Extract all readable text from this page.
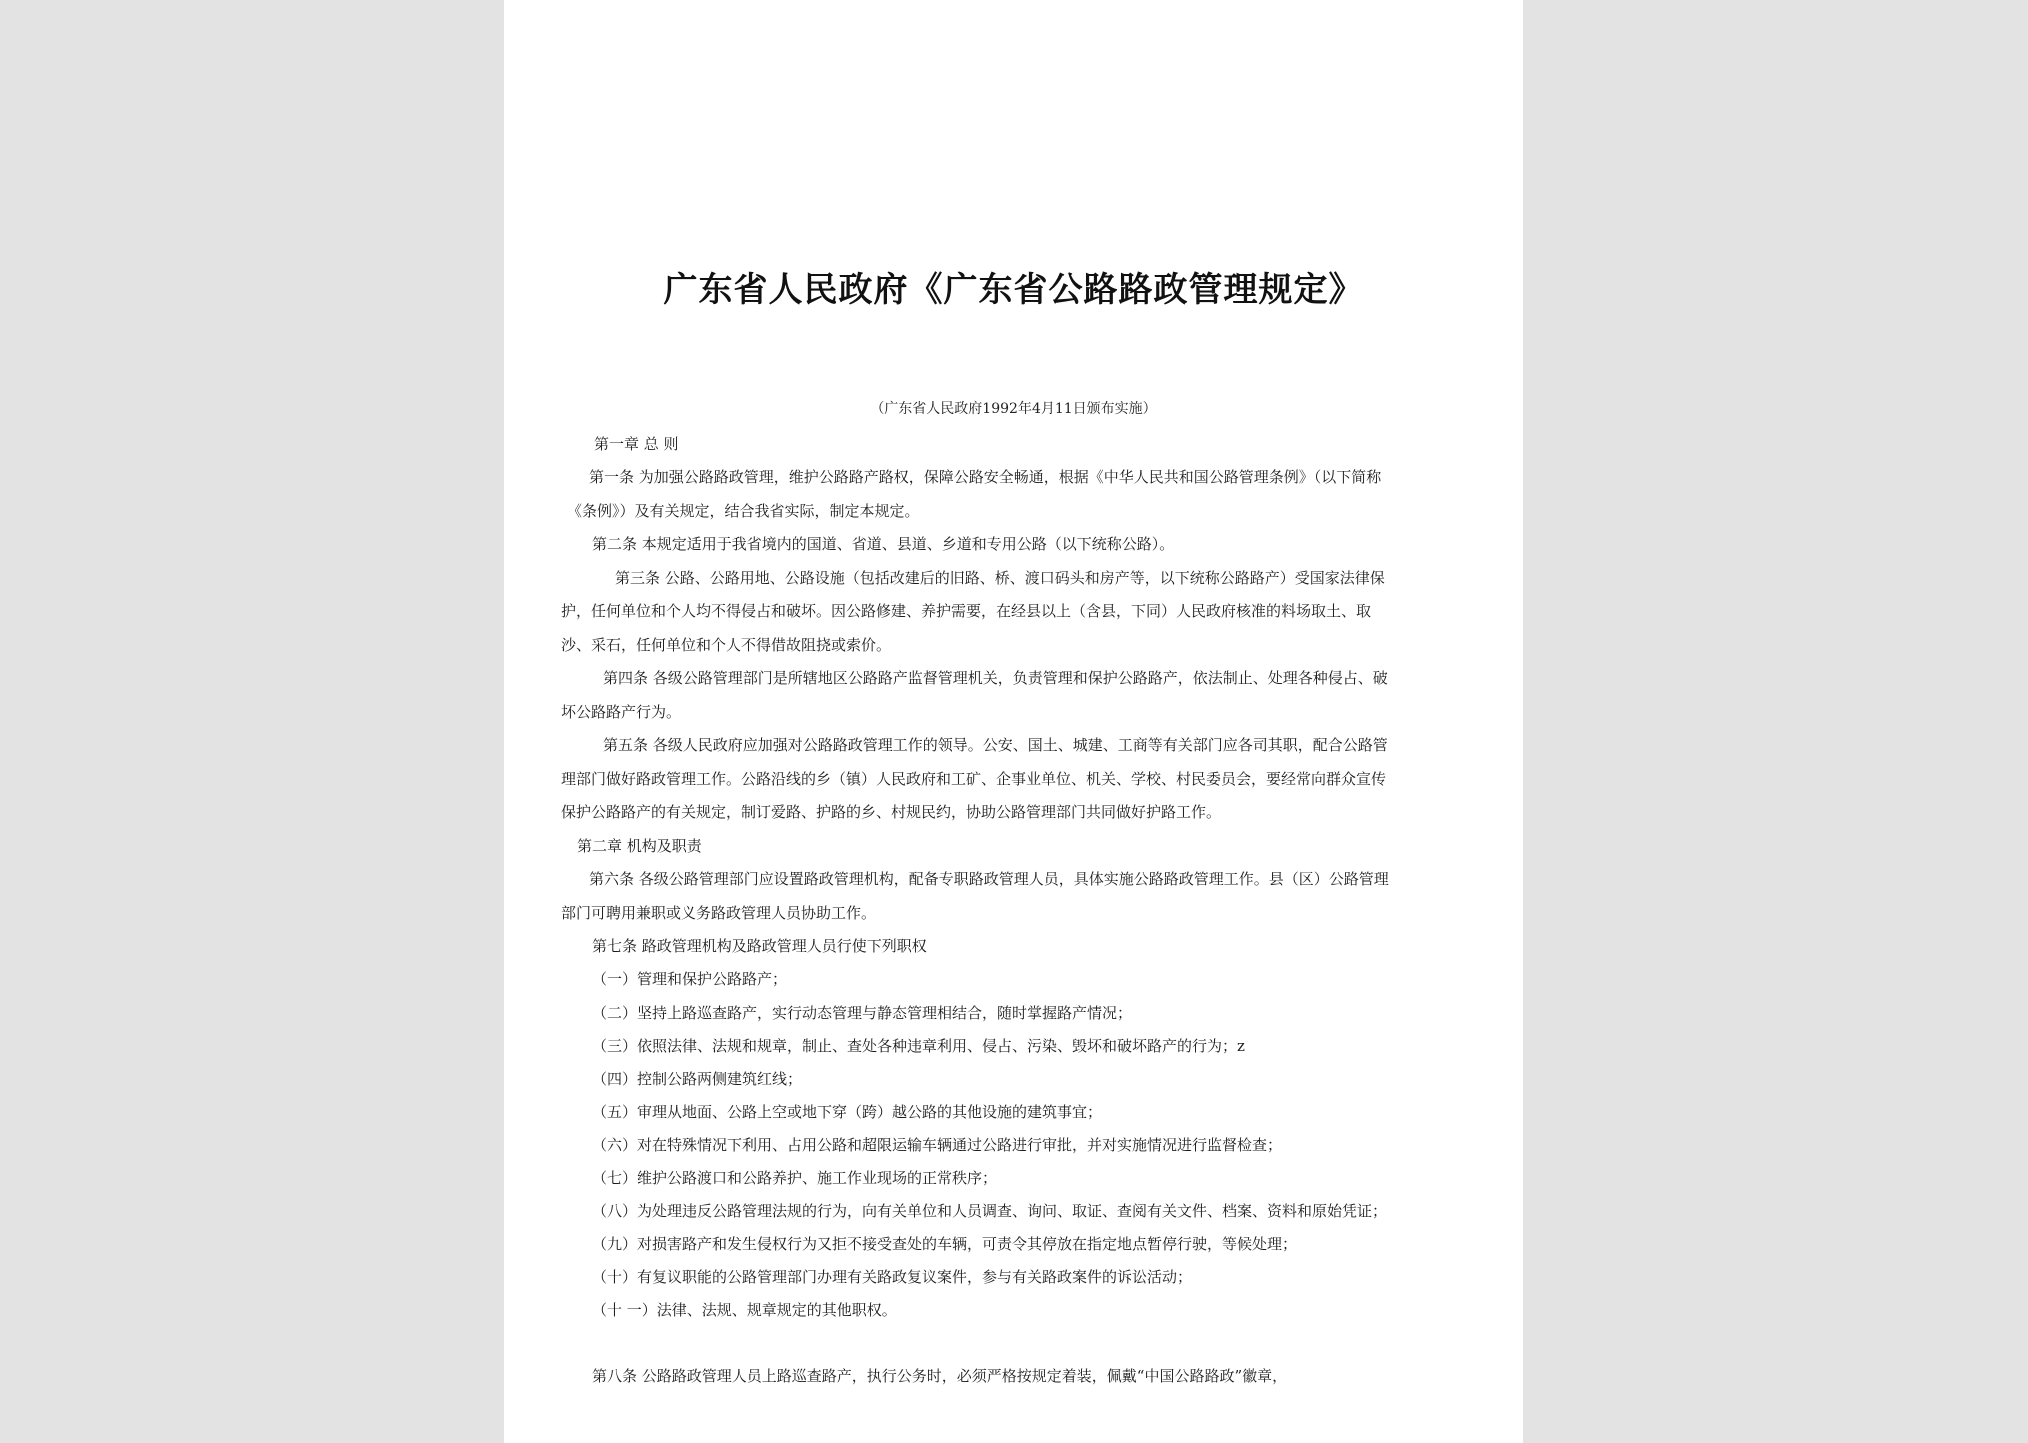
广东省人民政府《广东省公路路政管理规定》
（广东省人民政府1992年4月11日颁布实施）
第一章 总 则
第一条 为加强公路路政管理，维护公路路产路权，保障公路安全畅通，根据《中华人民共和国公路管理条例》（以下简称
《条例》）及有关规定，结合我省实际，制定本规定。
第二条 本规定适用于我省境内的国道、省道、县道、乡道和专用公路（以下统称公路）。
第三条 公路、公路用地、公路设施（包括改建后的旧路、桥、渡口码头和房产等，以下统称公路路产）受国家法律保
护，任何单位和个人均不得侵占和破坏。因公路修建、养护需要，在经县以上（含县，下同）人民政府核准的料场取土、取
沙、采石，任何单位和个人不得借故阻挠或索价。
第四条 各级公路管理部门是所辖地区公路路产监督管理机关，负责管理和保护公路路产，依法制止、处理各种侵占、破
坏公路路产行为。
第五条 各级人民政府应加强对公路路政管理工作的领导。公安、国土、城建、工商等有关部门应各司其职，配合公路管
理部门做好路政管理工作。公路沿线的乡（镇）人民政府和工矿、企事业单位、机关、学校、村民委员会，要经常向群众宣传
保护公路路产的有关规定，制订爱路、护路的乡、村规民约，协助公路管理部门共同做好护路工作。
第二章 机构及职责
第六条 各级公路管理部门应设置路政管理机构，配备专职路政管理人员，具体实施公路路政管理工作。县（区）公路管理
部门可聘用兼职或义务路政管理人员协助工作。
第七条 路政管理机构及路政管理人员行使下列职权
（一）管理和保护公路路产；
（二）坚持上路巡查路产，实行动态管理与静态管理相结合，随时掌握路产情况；
（三）依照法律、法规和规章，制止、查处各种违章利用、侵占、污染、毁坏和破坏路产的行为；z
（四）控制公路两侧建筑红线；
（五）审理从地面、公路上空或地下穿（跨）越公路的其他设施的建筑事宜；
（六）对在特殊情况下利用、占用公路和超限运输车辆通过公路进行审批，并对实施情况进行监督检查；
（七）维护公路渡口和公路养护、施工作业现场的正常秩序；
（八）为处理违反公路管理法规的行为，向有关单位和人员调查、询问、取证、查阅有关文件、档案、资料和原始凭证；
（九）对损害路产和发生侵权行为又拒不接受查处的车辆，可责令其停放在指定地点暂停行驶，等候处理；
（十）有复议职能的公路管理部门办理有关路政复议案件，参与有关路政案件的诉讼活动；
（十 一）法律、法规、规章规定的其他职权。
第八条 公路路政管理人员上路巡查路产，执行公务时，必须严格按规定着装，佩戴“中国公路路政”徽章，
